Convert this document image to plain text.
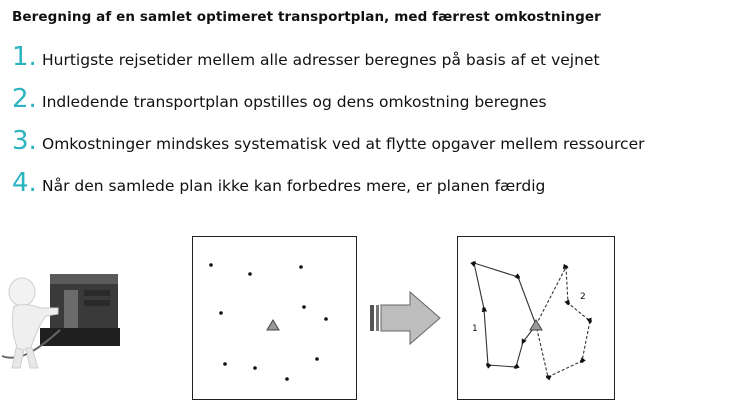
Beregning af en samlet optimeret transportplan, med færrest omkostninger
1. Hurtigste rejsetider mellem alle adresser beregnes på basis af et vejnet
2. Indledende transportplan opstilles og dens omkostning beregnes
3. Omkostninger mindskes systematisk ved at flytte opgaver mellem ressourcer
4. Når den samlede plan ikke kan forbedres mere, er planen færdig
1
2
